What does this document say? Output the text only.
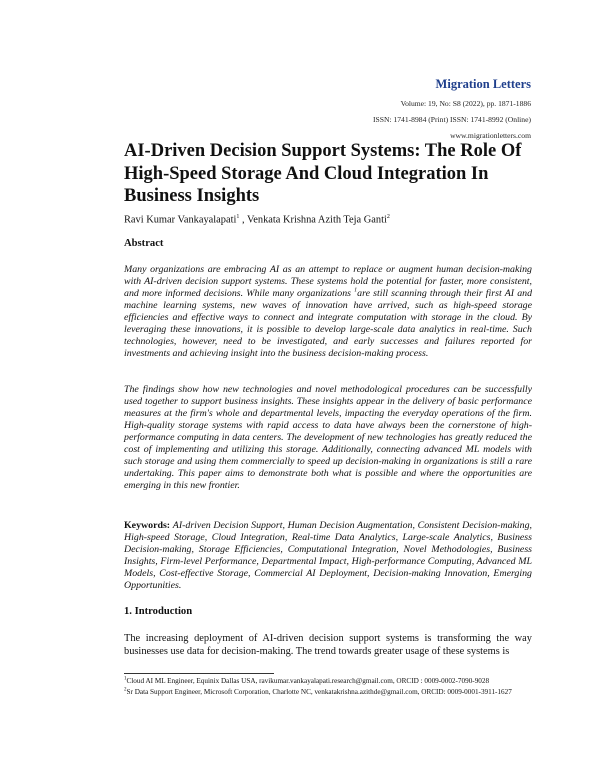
Migration Letters
Volume: 19, No: S8 (2022), pp. 1871-1886
ISSN: 1741-8984 (Print) ISSN: 1741-8992 (Online)
www.migrationletters.com
AI-Driven Decision Support Systems: The Role Of High-Speed Storage And Cloud Integration In Business Insights
Ravi Kumar Vankayalapati$^1$ , Venkata Krishna Azith Teja Ganti$^2$
Abstract
Many organizations are embracing AI as an attempt to replace or augment human decision-making with AI-driven decision support systems. These systems hold the potential for faster, more consistent, and more informed decisions. While many organizations $^1$are still scanning through their first AI and machine learning systems, new waves of innovation have arrived, such as high-speed storage efficiencies and effective ways to connect and integrate computation with storage in the cloud. By leveraging these innovations, it is possible to develop large-scale data analytics in real-time. Such technologies, however, need to be investigated, and early successes and failures reported for investments and achieving insight into the business decision-making process.
The findings show how new technologies and novel methodological procedures can be successfully used together to support business insights. These insights appear in the delivery of basic performance measures at the firm's whole and departmental levels, impacting the everyday operations of the firm. High-quality storage systems with rapid access to data have always been the cornerstone of high-performance computing in data centers. The development of new technologies has greatly reduced the cost of implementing and utilizing this storage. Additionally, connecting advanced ML models with such storage and using them commercially to speed up decision-making in organizations is still a rare undertaking. This paper aims to demonstrate both what is possible and where the opportunities are emerging in this new frontier.
Keywords: AI-driven Decision Support, Human Decision Augmentation, Consistent Decision-making, High-speed Storage, Cloud Integration, Real-time Data Analytics, Large-scale Analytics, Business Decision-making, Storage Efficiencies, Computational Integration, Novel Methodologies, Business Insights, Firm-level Performance, Departmental Impact, High-performance Computing, Advanced ML Models, Cost-effective Storage, Commercial AI Deployment, Decision-making Innovation, Emerging Opportunities.
1. Introduction
The increasing deployment of AI-driven decision support systems is transforming the way businesses use data for decision-making. The trend towards greater usage of these systems is
$^1$Cloud AI ML Engineer, Equinix Dallas USA, ravikumar.vankayalapati.research@gmail.com, ORCID : 0009-0002-7090-9028
$^2$Sr Data Support Engineer, Microsoft Corporation, Charlotte NC, venkatakrishna.azithde@gmail.com, ORCID: 0009-0001-3911-1627
